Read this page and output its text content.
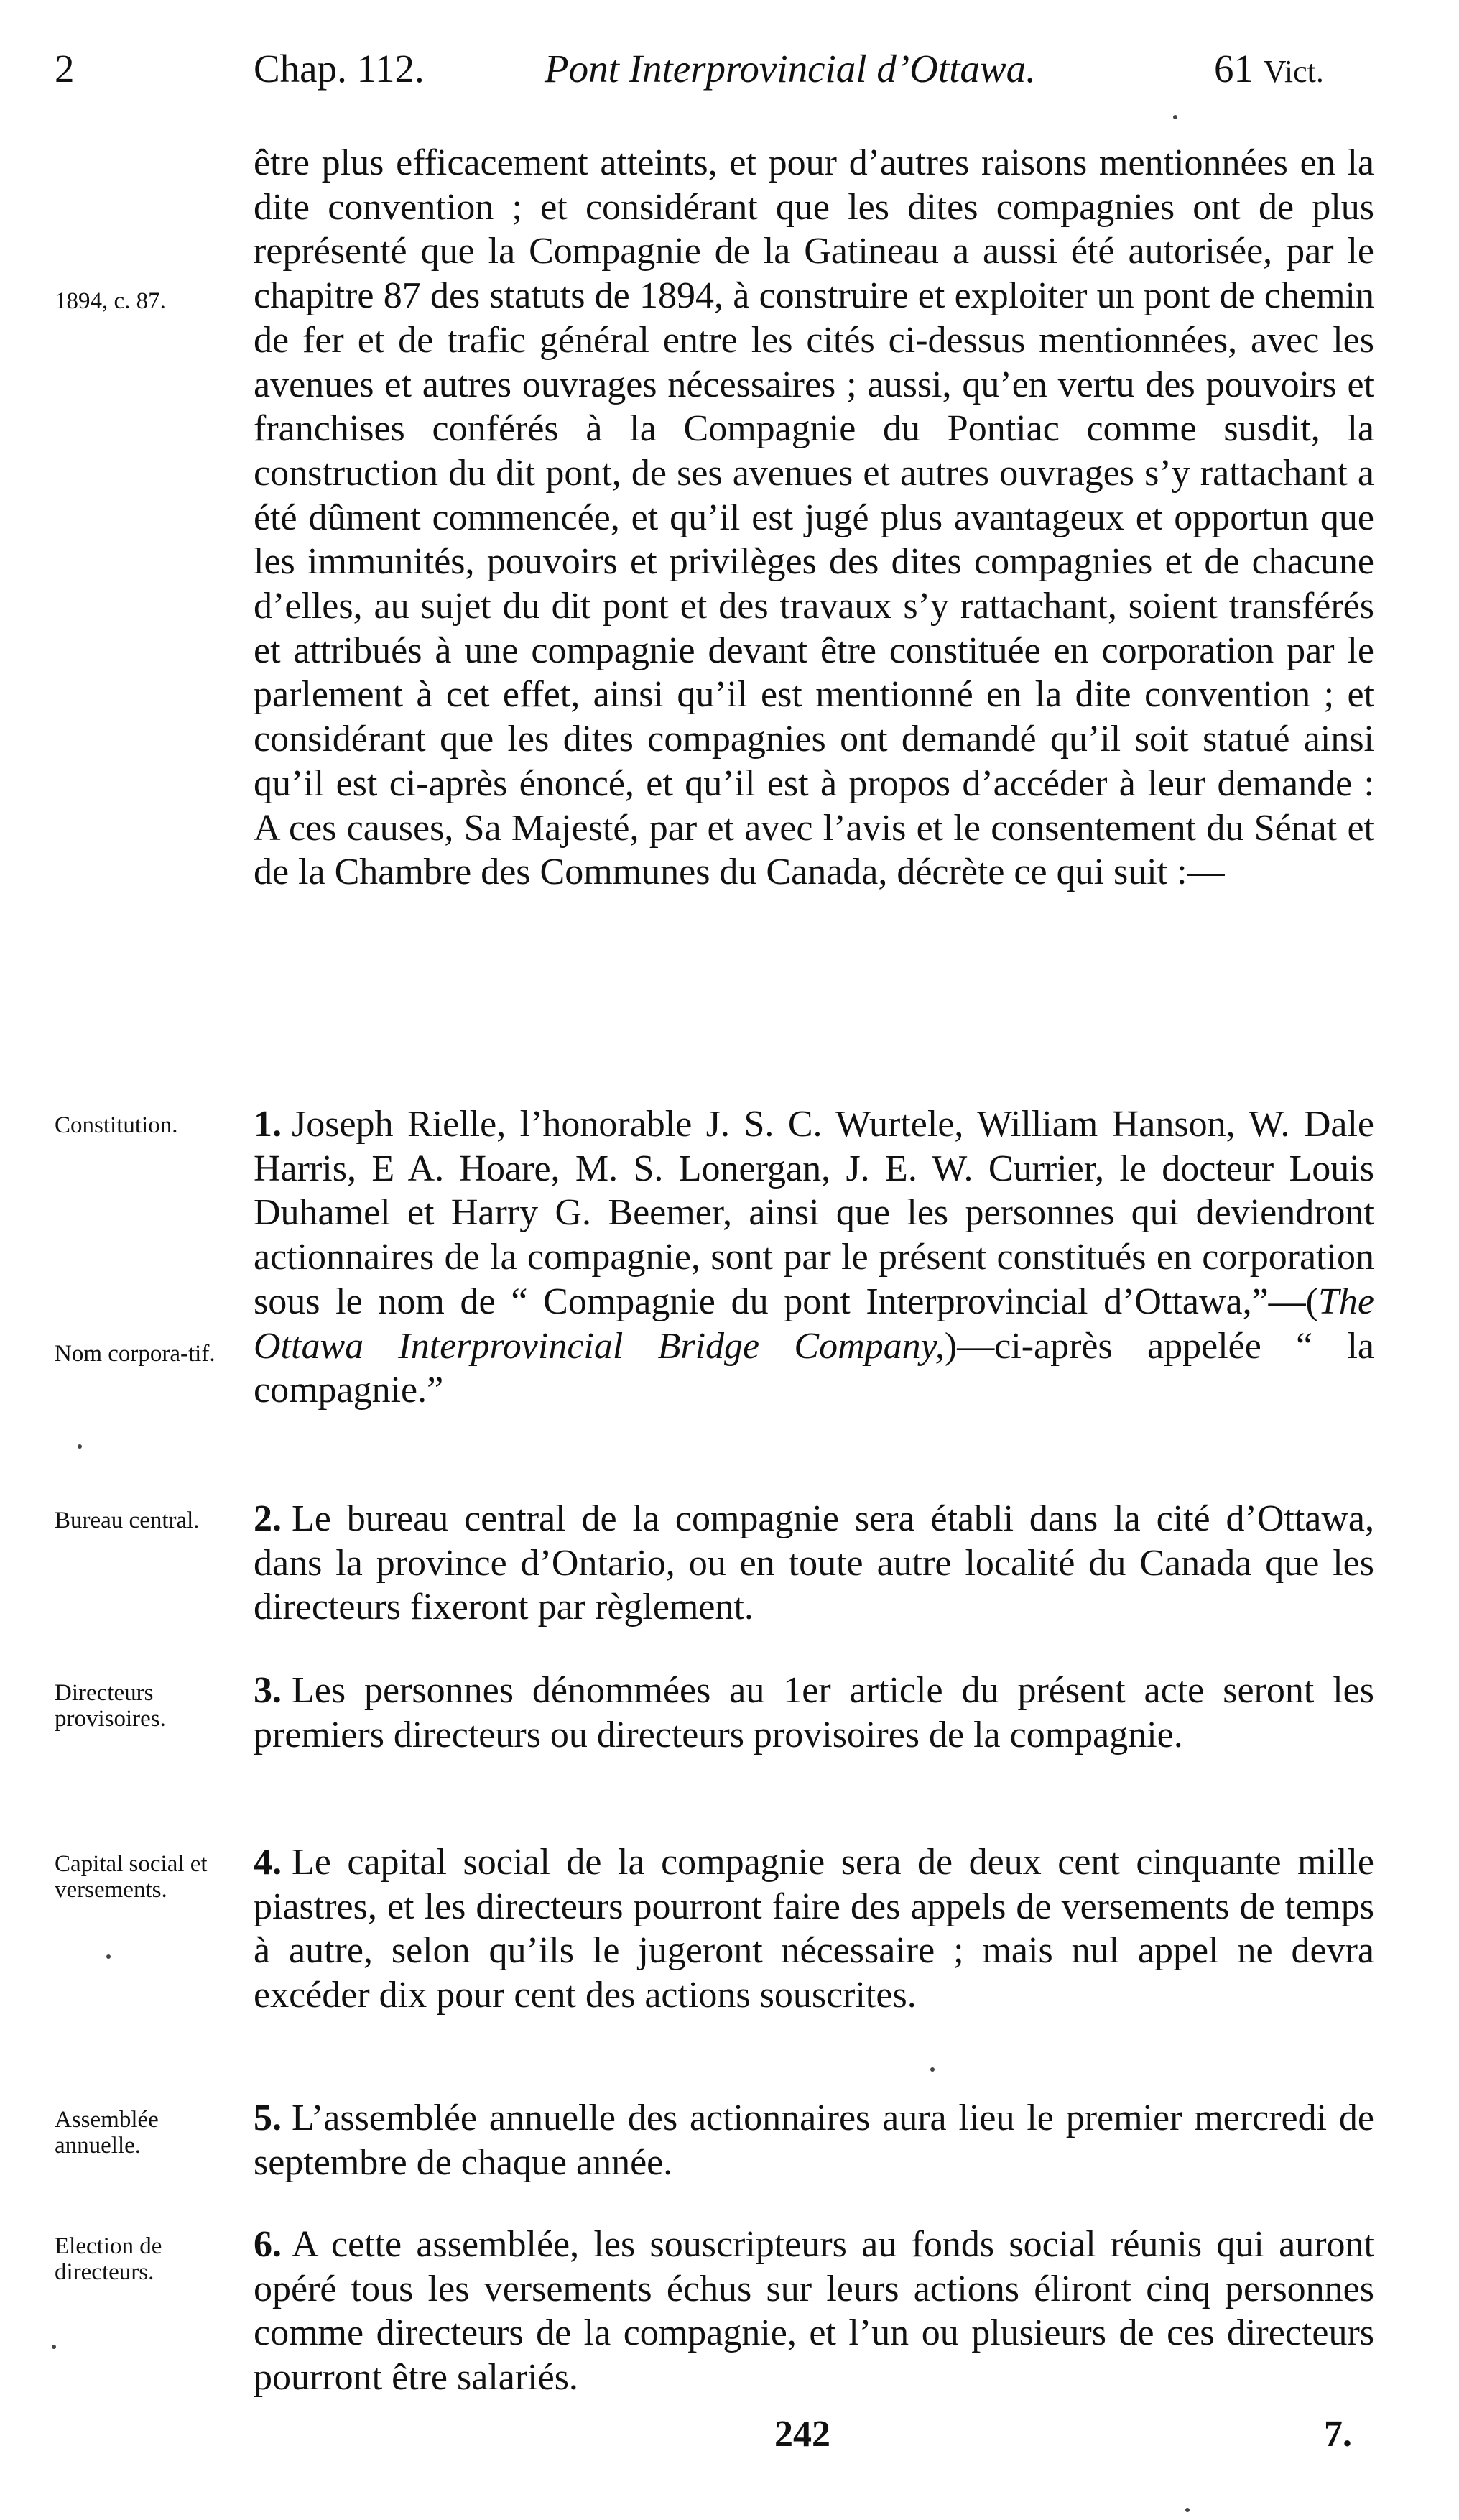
2	Chap. 112.	Pont Interprovincial d’Ottawa.	61 Vict.
être plus efficacement atteints, et pour d’autres raisons mentionnées en la dite convention ; et considérant que les dites compagnies ont de plus représenté que la Compagnie de la Gatineau a aussi été autorisée, par le chapitre 87 des statuts de 1894, à construire et exploiter un pont de chemin de fer et de trafic général entre les cités ci-dessus mentionnées, avec les avenues et autres ouvrages nécessaires ; aussi, qu’en vertu des pouvoirs et franchises conférés à la Compagnie du Pontiac comme susdit, la construction du dit pont, de ses avenues et autres ouvrages s’y rattachant a été dûment commencée, et qu’il est jugé plus avantageux et opportun que les immunités, pouvoirs et privilèges des dites compagnies et de chacune d’elles, au sujet du dit pont et des travaux s’y rattachant, soient transférés et attribués à une compagnie devant être constituée en corporation par le parlement à cet effet, ainsi qu’il est mentionné en la dite convention ; et considérant que les dites compagnies ont demandé qu’il soit statué ainsi qu’il est ci-après énoncé, et qu’il est à propos d’accéder à leur demande : A ces causes, Sa Majesté, par et avec l’avis et le consentement du Sénat et de la Chambre des Communes du Canada, décrète ce qui suit :—
1894, c. 87.
Constitution.
Nom corpora-tif.
1. Joseph Rielle, l’honorable J. S. C. Wurtele, William Hanson, W. Dale Harris, E A. Hoare, M. S. Lonergan, J. E. W. Currier, le docteur Louis Duhamel et Harry G. Beemer, ainsi que les personnes qui deviendront actionnaires de la compagnie, sont par le présent constitués en corporation sous le nom de “ Compagnie du pont Interprovincial d’Ottawa,”—(The Ottawa Interprovincial Bridge Company,)—ci-après appelée “ la compagnie.”
Bureau central.	2. Le bureau central de la compagnie sera établi dans la cité d’Ottawa, dans la province d’Ontario, ou en toute autre localité du Canada que les directeurs fixeront par règlement.
Directeurs provisoires.
3. Les personnes dénommées au 1er article du présent acte seront les premiers directeurs ou directeurs provisoires de la compagnie.
Capital social et versements.
4. Le capital social de la compagnie sera de deux cent cinquante mille piastres, et les directeurs pourront faire des appels de versements de temps à autre, selon qu’ils le jugeront nécessaire ; mais nul appel ne devra excéder dix pour cent des actions souscrites.
Assemblée annuelle.
5. L’assemblée annuelle des actionnaires aura lieu le premier mercredi de septembre de chaque année.
Election de directeurs.
6. A cette assemblée, les souscripteurs au fonds social réunis qui auront opéré tous les versements échus sur leurs actions éliront cinq personnes comme directeurs de la compagnie, et l’un ou plusieurs de ces directeurs pourront être salariés.
242	7.
